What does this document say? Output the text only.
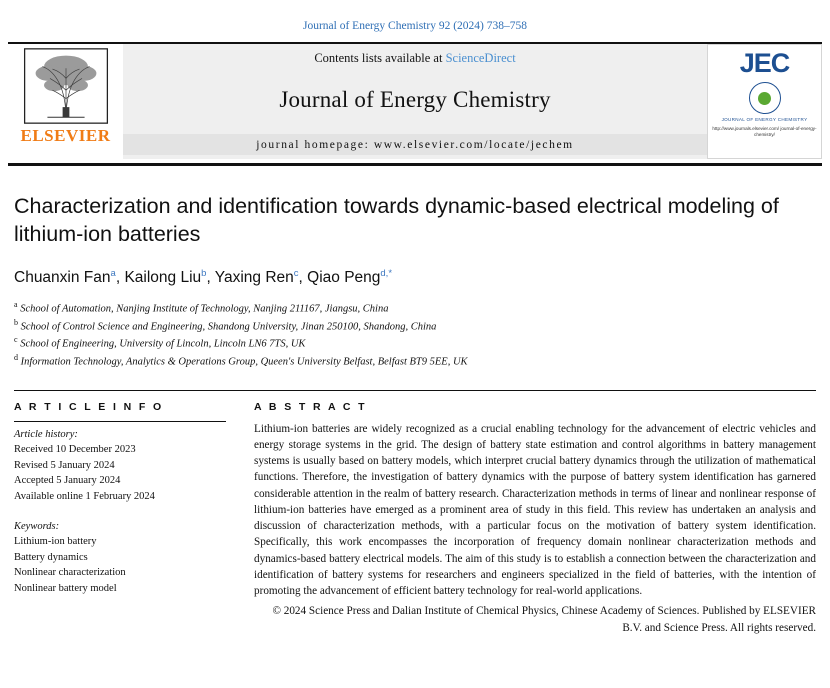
Journal of Energy Chemistry 92 (2024) 738–758
ELSEVIER
Contents lists available at ScienceDirect
Journal of Energy Chemistry
journal homepage: www.elsevier.com/locate/jechem
JEC
JOURNAL OF ENERGY CHEMISTRY
http://www.journals.elsevier.com/ journal-of-energy-chemistry/
Characterization and identification towards dynamic-based electrical modeling of lithium-ion batteries
Chuanxin Fan$^a$, Kailong Liu$^b$, Yaxing Ren$^c$, Qiao Peng$^{d,*}$
$^a$ School of Automation, Nanjing Institute of Technology, Nanjing 211167, Jiangsu, China
$^b$ School of Control Science and Engineering, Shandong University, Jinan 250100, Shandong, China
$^c$ School of Engineering, University of Lincoln, Lincoln LN6 7TS, UK
$^d$ Information Technology, Analytics & Operations Group, Queen's University Belfast, Belfast BT9 5EE, UK
A R T I C L E I N F O
Article history:
Received 10 December 2023
Revised 5 January 2024
Accepted 5 January 2024
Available online 1 February 2024
Keywords:
Lithium-ion battery
Battery dynamics
Nonlinear characterization
Nonlinear battery model
A B S T R A C T
Lithium-ion batteries are widely recognized as a crucial enabling technology for the advancement of electric vehicles and energy storage systems in the grid. The design of battery state estimation and control algorithms in battery management systems is usually based on battery models, which interpret crucial battery dynamics through the utilization of mathematical functions. Therefore, the investigation of battery dynamics with the purpose of battery system identification has garnered considerable attention in the realm of battery research. Characterization methods in terms of linear and nonlinear response of lithium-ion batteries have emerged as a prominent area of study in this field. This review has undertaken an analysis and discussion of characterization methods, with a particular focus on the motivation of battery system identification. Specifically, this work encompasses the incorporation of frequency domain nonlinear characterization methods and dynamics-based battery electrical models. The aim of this study is to establish a connection between the characterization and identification of battery systems for researchers and engineers specialized in the field of batteries, with the intention of promoting the advancement of efficient battery technology for real-world applications.
© 2024 Science Press and Dalian Institute of Chemical Physics, Chinese Academy of Sciences. Published by ELSEVIER B.V. and Science Press. All rights reserved.
